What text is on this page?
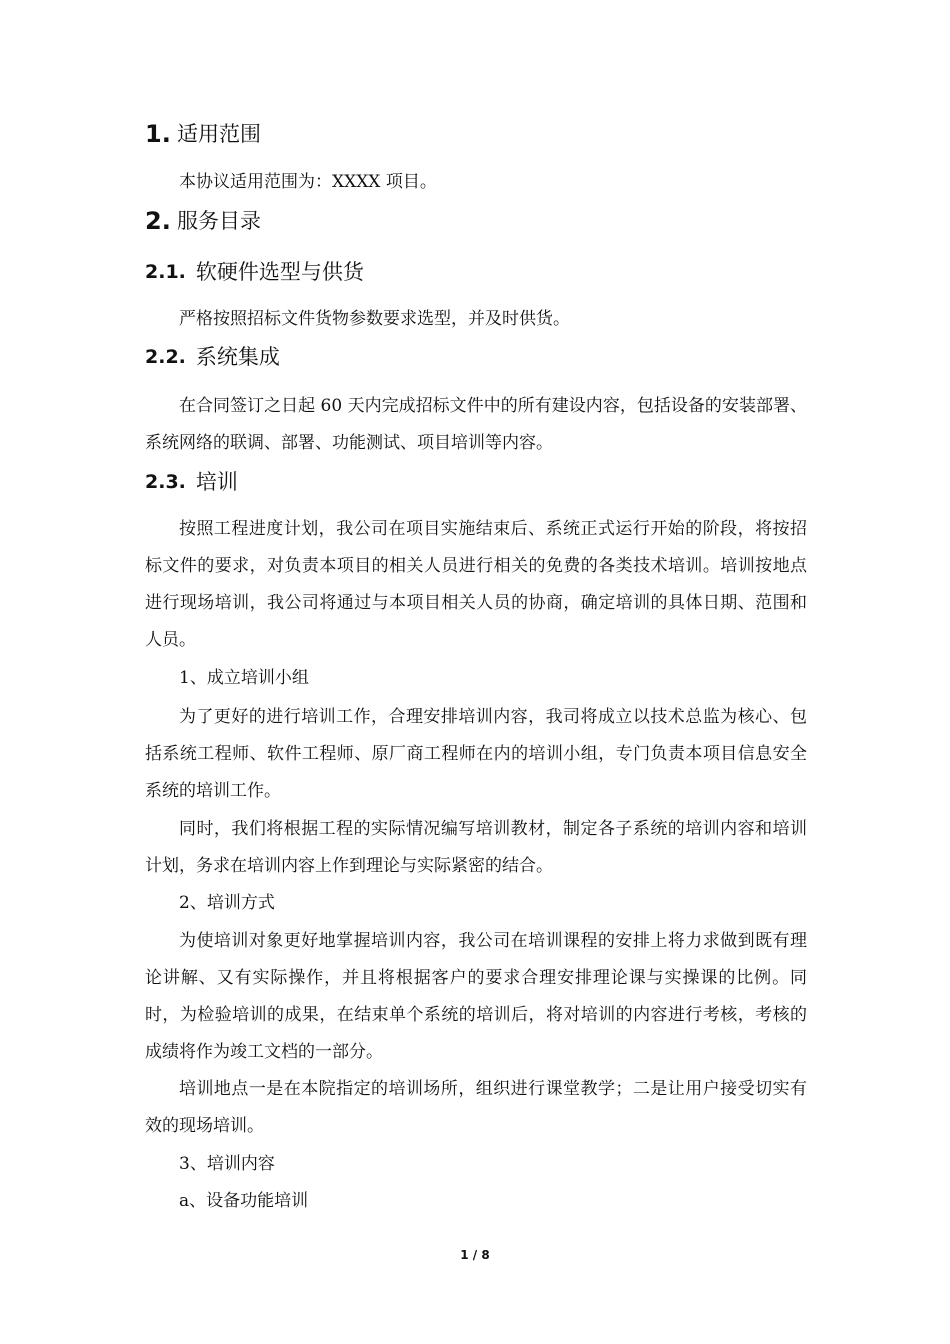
1. 适用范围

本协议适用范围为：XXXX 项目。

2. 服务目录
2.1. 软硬件选型与供货

严格按照招标文件货物参数要求选型，并及时供货。

2.2. 系统集成

在合同签订之日起 60 天内完成招标文件中的所有建设内容，包括设备的安装部署、系统网络的联调、部署、功能测试、项目培训等内容。

2.3. 培训

按照工程进度计划，我公司在项目实施结束后、系统正式运行开始的阶段，将按招标文件的要求，对负责本项目的相关人员进行相关的免费的各类技术培训。培训按地点进行现场培训，我公司将通过与本项目相关人员的协商，确定培训的具体日期、范围和人员。

1、成立培训小组

为了更好的进行培训工作，合理安排培训内容，我司将成立以技术总监为核心、包括系统工程师、软件工程师、原厂商工程师在内的培训小组，专门负责本项目信息安全系统的培训工作。

同时，我们将根据工程的实际情况编写培训教材，制定各子系统的培训内容和培训计划，务求在培训内容上作到理论与实际紧密的结合。

2、培训方式

为使培训对象更好地掌握培训内容，我公司在培训课程的安排上将力求做到既有理论讲解、又有实际操作，并且将根据客户的要求合理安排理论课与实操课的比例。同时，为检验培训的成果，在结束单个系统的培训后，将对培训的内容进行考核，考核的成绩将作为竣工文档的一部分。

培训地点一是在本院指定的培训场所，组织进行课堂教学；二是让用户接受切实有效的现场培训。

3、培训内容

a、设备功能培训

1 / 8
